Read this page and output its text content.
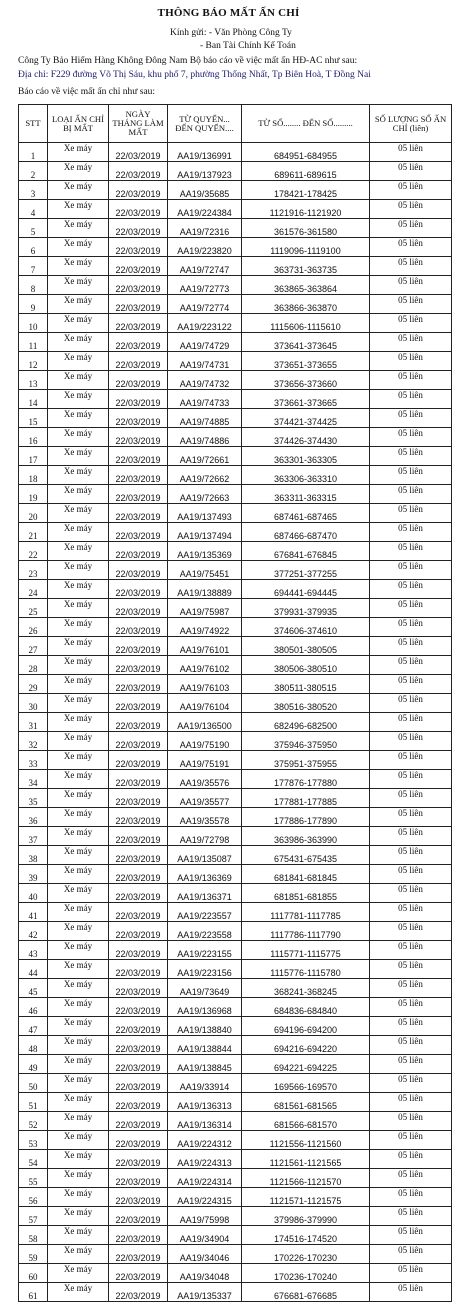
THÔNG BÁO MẤT ẤN CHỈ
Kính gửi: - Văn Phòng Công Ty
- Ban Tài Chính Kế Toán
Công Ty Bảo Hiểm Hàng Không Đông Nam Bộ báo cáo về việc mất ấn HĐ-AC như sau:
Địa chỉ: F229 đường Võ Thị Sáu, khu phố 7, phường Thống Nhất, Tp Biên Hoà, T Đồng Nai
Báo cáo về việc mất ấn chỉ như sau:
STT	LOẠI ẤN CHỈ BỊ MẤT	NGÀY THÁNG LÀM MẤT	TỪ QUYỂN... ĐẾN QUYỂN....	TỪ SỐ........ ĐẾN SỐ.........	SỐ LƯỢNG SỐ ẤN CHỈ (liên)
1	Xe máy	22/03/2019	AA19/136991	684951-684955	05 liên
2	Xe máy	22/03/2019	AA19/137923	689611-689615	05 liên
3	Xe máy	22/03/2019	AA19/35685	178421-178425	05 liên
4	Xe máy	22/03/2019	AA19/224384	1121916-1121920	05 liên
5	Xe máy	22/03/2019	AA19/72316	361576-361580	05 liên
6	Xe máy	22/03/2019	AA19/223820	1119096-1119100	05 liên
7	Xe máy	22/03/2019	AA19/72747	363731-363735	05 liên
8	Xe máy	22/03/2019	AA19/72773	363865-363864	05 liên
9	Xe máy	22/03/2019	AA19/72774	363866-363870	05 liên
10	Xe máy	22/03/2019	AA19/223122	1115606-1115610	05 liên
11	Xe máy	22/03/2019	AA19/74729	373641-373645	05 liên
12	Xe máy	22/03/2019	AA19/74731	373651-373655	05 liên
13	Xe máy	22/03/2019	AA19/74732	373656-373660	05 liên
14	Xe máy	22/03/2019	AA19/74733	373661-373665	05 liên
15	Xe máy	22/03/2019	AA19/74885	374421-374425	05 liên
16	Xe máy	22/03/2019	AA19/74886	374426-374430	05 liên
17	Xe máy	22/03/2019	AA19/72661	363301-363305	05 liên
18	Xe máy	22/03/2019	AA19/72662	363306-363310	05 liên
19	Xe máy	22/03/2019	AA19/72663	363311-363315	05 liên
20	Xe máy	22/03/2019	AA19/137493	687461-687465	05 liên
21	Xe máy	22/03/2019	AA19/137494	687466-687470	05 liên
22	Xe máy	22/03/2019	AA19/135369	676841-676845	05 liên
23	Xe máy	22/03/2019	AA19/75451	377251-377255	05 liên
24	Xe máy	22/03/2019	AA19/138889	694441-694445	05 liên
25	Xe máy	22/03/2019	AA19/75987	379931-379935	05 liên
26	Xe máy	22/03/2019	AA19/74922	374606-374610	05 liên
27	Xe máy	22/03/2019	AA19/76101	380501-380505	05 liên
28	Xe máy	22/03/2019	AA19/76102	380506-380510	05 liên
29	Xe máy	22/03/2019	AA19/76103	380511-380515	05 liên
30	Xe máy	22/03/2019	AA19/76104	380516-380520	05 liên
31	Xe máy	22/03/2019	AA19/136500	682496-682500	05 liên
32	Xe máy	22/03/2019	AA19/75190	375946-375950	05 liên
33	Xe máy	22/03/2019	AA19/75191	375951-375955	05 liên
34	Xe máy	22/03/2019	AA19/35576	177876-177880	05 liên
35	Xe máy	22/03/2019	AA19/35577	177881-177885	05 liên
36	Xe máy	22/03/2019	AA19/35578	177886-177890	05 liên
37	Xe máy	22/03/2019	AA19/72798	363986-363990	05 liên
38	Xe máy	22/03/2019	AA19/135087	675431-675435	05 liên
39	Xe máy	22/03/2019	AA19/136369	681841-681845	05 liên
40	Xe máy	22/03/2019	AA19/136371	681851-681855	05 liên
41	Xe máy	22/03/2019	AA19/223557	1117781-1117785	05 liên
42	Xe máy	22/03/2019	AA19/223558	1117786-1117790	05 liên
43	Xe máy	22/03/2019	AA19/223155	1115771-1115775	05 liên
44	Xe máy	22/03/2019	AA19/223156	1115776-1115780	05 liên
45	Xe máy	22/03/2019	AA19/73649	368241-368245	05 liên
46	Xe máy	22/03/2019	AA19/136968	684836-684840	05 liên
47	Xe máy	22/03/2019	AA19/138840	694196-694200	05 liên
48	Xe máy	22/03/2019	AA19/138844	694216-694220	05 liên
49	Xe máy	22/03/2019	AA19/138845	694221-694225	05 liên
50	Xe máy	22/03/2019	AA19/33914	169566-169570	05 liên
51	Xe máy	22/03/2019	AA19/136313	681561-681565	05 liên
52	Xe máy	22/03/2019	AA19/136314	681566-681570	05 liên
53	Xe máy	22/03/2019	AA19/224312	1121556-1121560	05 liên
54	Xe máy	22/03/2019	AA19/224313	1121561-1121565	05 liên
55	Xe máy	22/03/2019	AA19/224314	1121566-1121570	05 liên
56	Xe máy	22/03/2019	AA19/224315	1121571-1121575	05 liên
57	Xe máy	22/03/2019	AA19/75998	379986-379990	05 liên
58	Xe máy	22/03/2019	AA19/34904	174516-174520	05 liên
59	Xe máy	22/03/2019	AA19/34046	170226-170230	05 liên
60	Xe máy	22/03/2019	AA19/34048	170236-170240	05 liên
61	Xe máy	22/03/2019	AA19/135337	676681-676685	05 liên
